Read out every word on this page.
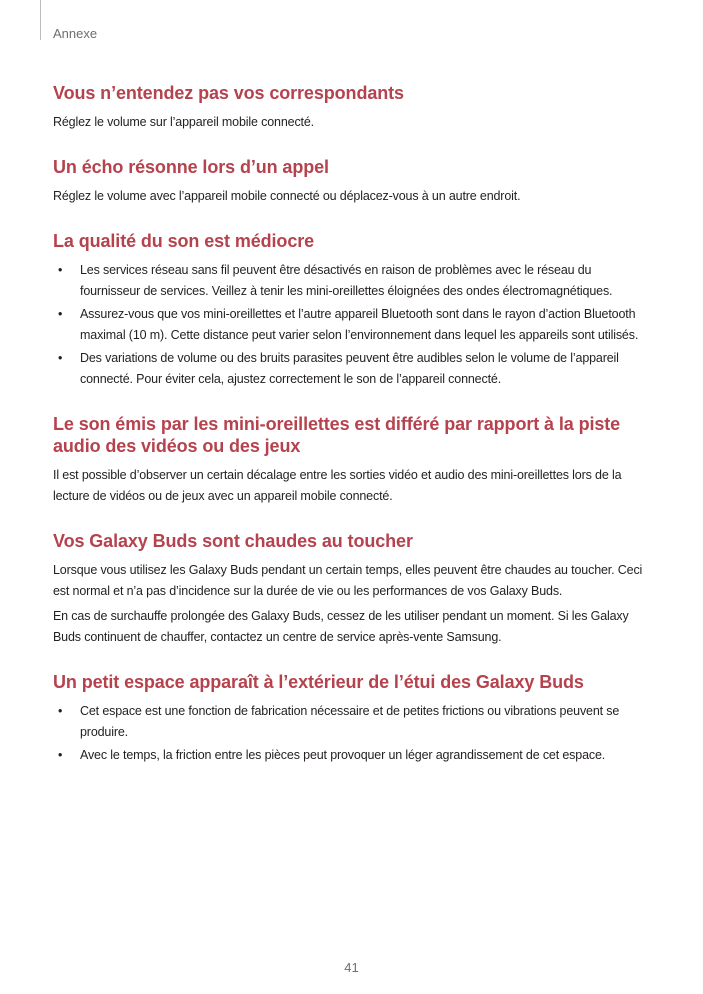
Annexe
Vous n’entendez pas vos correspondants

Réglez le volume sur l’appareil mobile connecté.

Un écho résonne lors d’un appel

Réglez le volume avec l’appareil mobile connecté ou déplacez-vous à un autre endroit.

La qualité du son est médiocre
• Les services réseau sans fil peuvent être désactivés en raison de problèmes avec le réseau du fournisseur de services. Veillez à tenir les mini-oreillettes éloignées des ondes électromagnétiques.
• Assurez-vous que vos mini-oreillettes et l’autre appareil Bluetooth sont dans le rayon d’action Bluetooth maximal (10 m). Cette distance peut varier selon l’environnement dans lequel les appareils sont utilisés.
• Des variations de volume ou des bruits parasites peuvent être audibles selon le volume de l’appareil connecté. Pour éviter cela, ajustez correctement le son de l’appareil connecté.
Le son émis par les mini-oreillettes est différé par rapport à la piste audio des vidéos ou des jeux

Il est possible d’observer un certain décalage entre les sorties vidéo et audio des mini-oreillettes lors de la lecture de vidéos ou de jeux avec un appareil mobile connecté.

Vos Galaxy Buds sont chaudes au toucher

Lorsque vous utilisez les Galaxy Buds pendant un certain temps, elles peuvent être chaudes au toucher. Ceci est normal et n’a pas d’incidence sur la durée de vie ou les performances de vos Galaxy Buds.

En cas de surchauffe prolongée des Galaxy Buds, cessez de les utiliser pendant un moment. Si les Galaxy Buds continuent de chauffer, contactez un centre de service après-vente Samsung.

Un petit espace apparaît à l’extérieur de l’étui des Galaxy Buds
• Cet espace est une fonction de fabrication nécessaire et de petites frictions ou vibrations peuvent se produire.
• Avec le temps, la friction entre les pièces peut provoquer un léger agrandissement de cet espace.
41
